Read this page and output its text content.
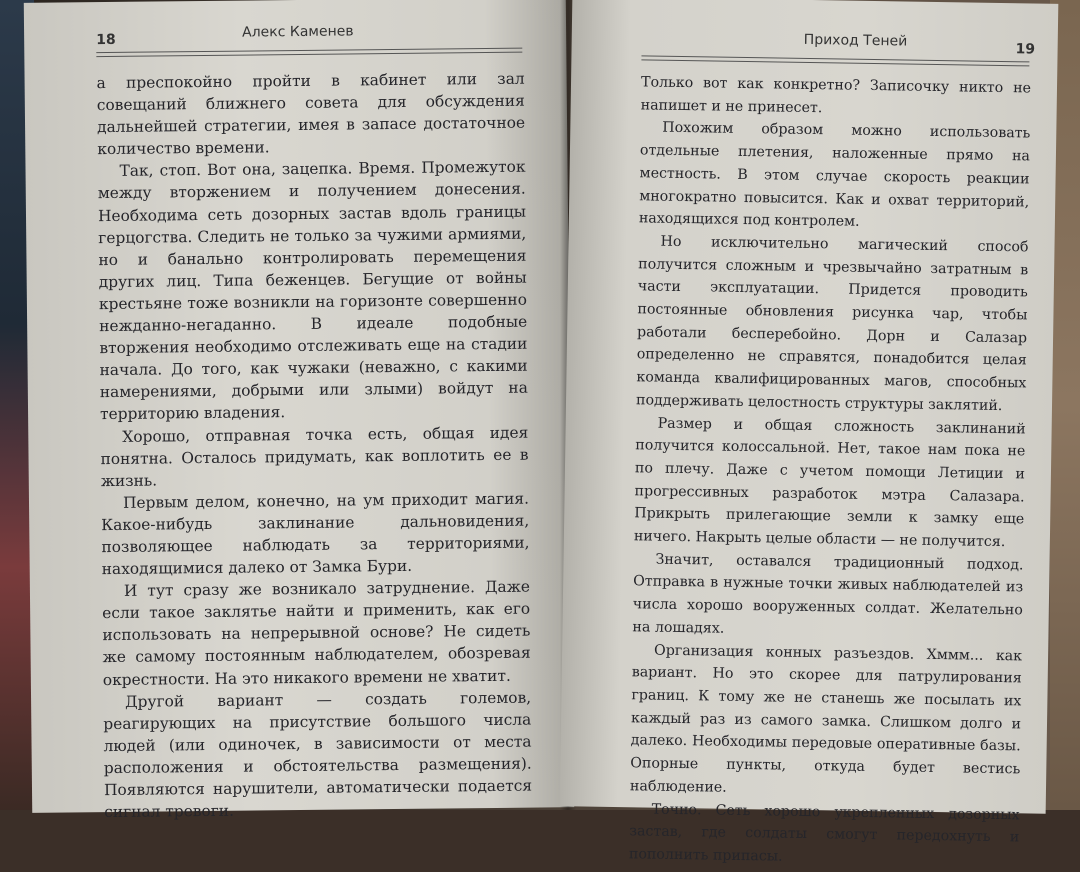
18	Алекс Каменев

а преспокойно пройти в кабинет или зал совещаний ближнего совета для обсуждения дальнейшей стратегии, имея в запасе достаточное количество времени.

Так, стоп. Вот она, зацепка. Время. Промежуток между вторжением и получением донесения. Необходима сеть дозорных застав вдоль границы герцогства. Следить не только за чужими армиями, но и банально контролировать перемещения других лиц. Типа беженцев. Бегущие от войны крестьяне тоже возникли на горизонте совершенно нежданно-негаданно. В идеале подобные вторжения необходимо отслеживать еще на стадии начала. До того, как чужаки (неважно, с какими намерениями, добрыми или злыми) войдут на территорию владения.

Хорошо, отправная точка есть, общая идея понятна. Осталось придумать, как воплотить ее в жизнь.

Первым делом, конечно, на ум приходит магия. Какое-нибудь заклинание дальновидения, позволяющее наблюдать за территориями, находящимися далеко от Замка Бури.

И тут сразу же возникало затруднение. Даже если такое заклятье найти и применить, как его использовать на непрерывной основе? Не сидеть же самому постоянным наблюдателем, обозревая окрестности. На это никакого времени не хватит.

Другой вариант — создать големов, реагирующих на присутствие большого числа людей (или одиночек, в зависимости от места расположения и обстоятельства размещения). Появляются нарушители, автоматически подается сигнал тревоги.

Приход Теней	19

Только вот как конкретно? Записочку никто не напишет и не принесет.

Похожим образом можно использовать отдельные плетения, наложенные прямо на местность. В этом случае скорость реакции многократно повысится. Как и охват территорий, находящихся под контролем.

Но исключительно магический способ получится сложным и чрезвычайно затратным в части эксплуатации. Придется проводить постоянные обновления рисунка чар, чтобы работали бесперебойно. Дорн и Салазар определенно не справятся, понадобится целая команда квалифицированных магов, способных поддерживать целостность структуры заклятий.

Размер и общая сложность заклинаний получится колоссальной. Нет, такое нам пока не по плечу. Даже с учетом помощи Летиции и прогрессивных разработок мэтра Салазара. Прикрыть прилегающие земли к замку еще ничего. Накрыть целые области — не получится.

Значит, оставался традиционный подход. Отправка в нужные точки живых наблюдателей из числа хорошо вооруженных солдат. Желательно на лошадях.

Организация конных разъездов. Хммм... как вариант. Но это скорее для патрулирования границ. К тому же не станешь же посылать их каждый раз из самого замка. Слишком долго и далеко. Необходимы передовые оперативные базы. Опорные пункты, откуда будет вестись наблюдение.

Точно. Сеть хорошо укрепленных дозорных застав, где солдаты смогут передохнуть и пополнить припасы.
